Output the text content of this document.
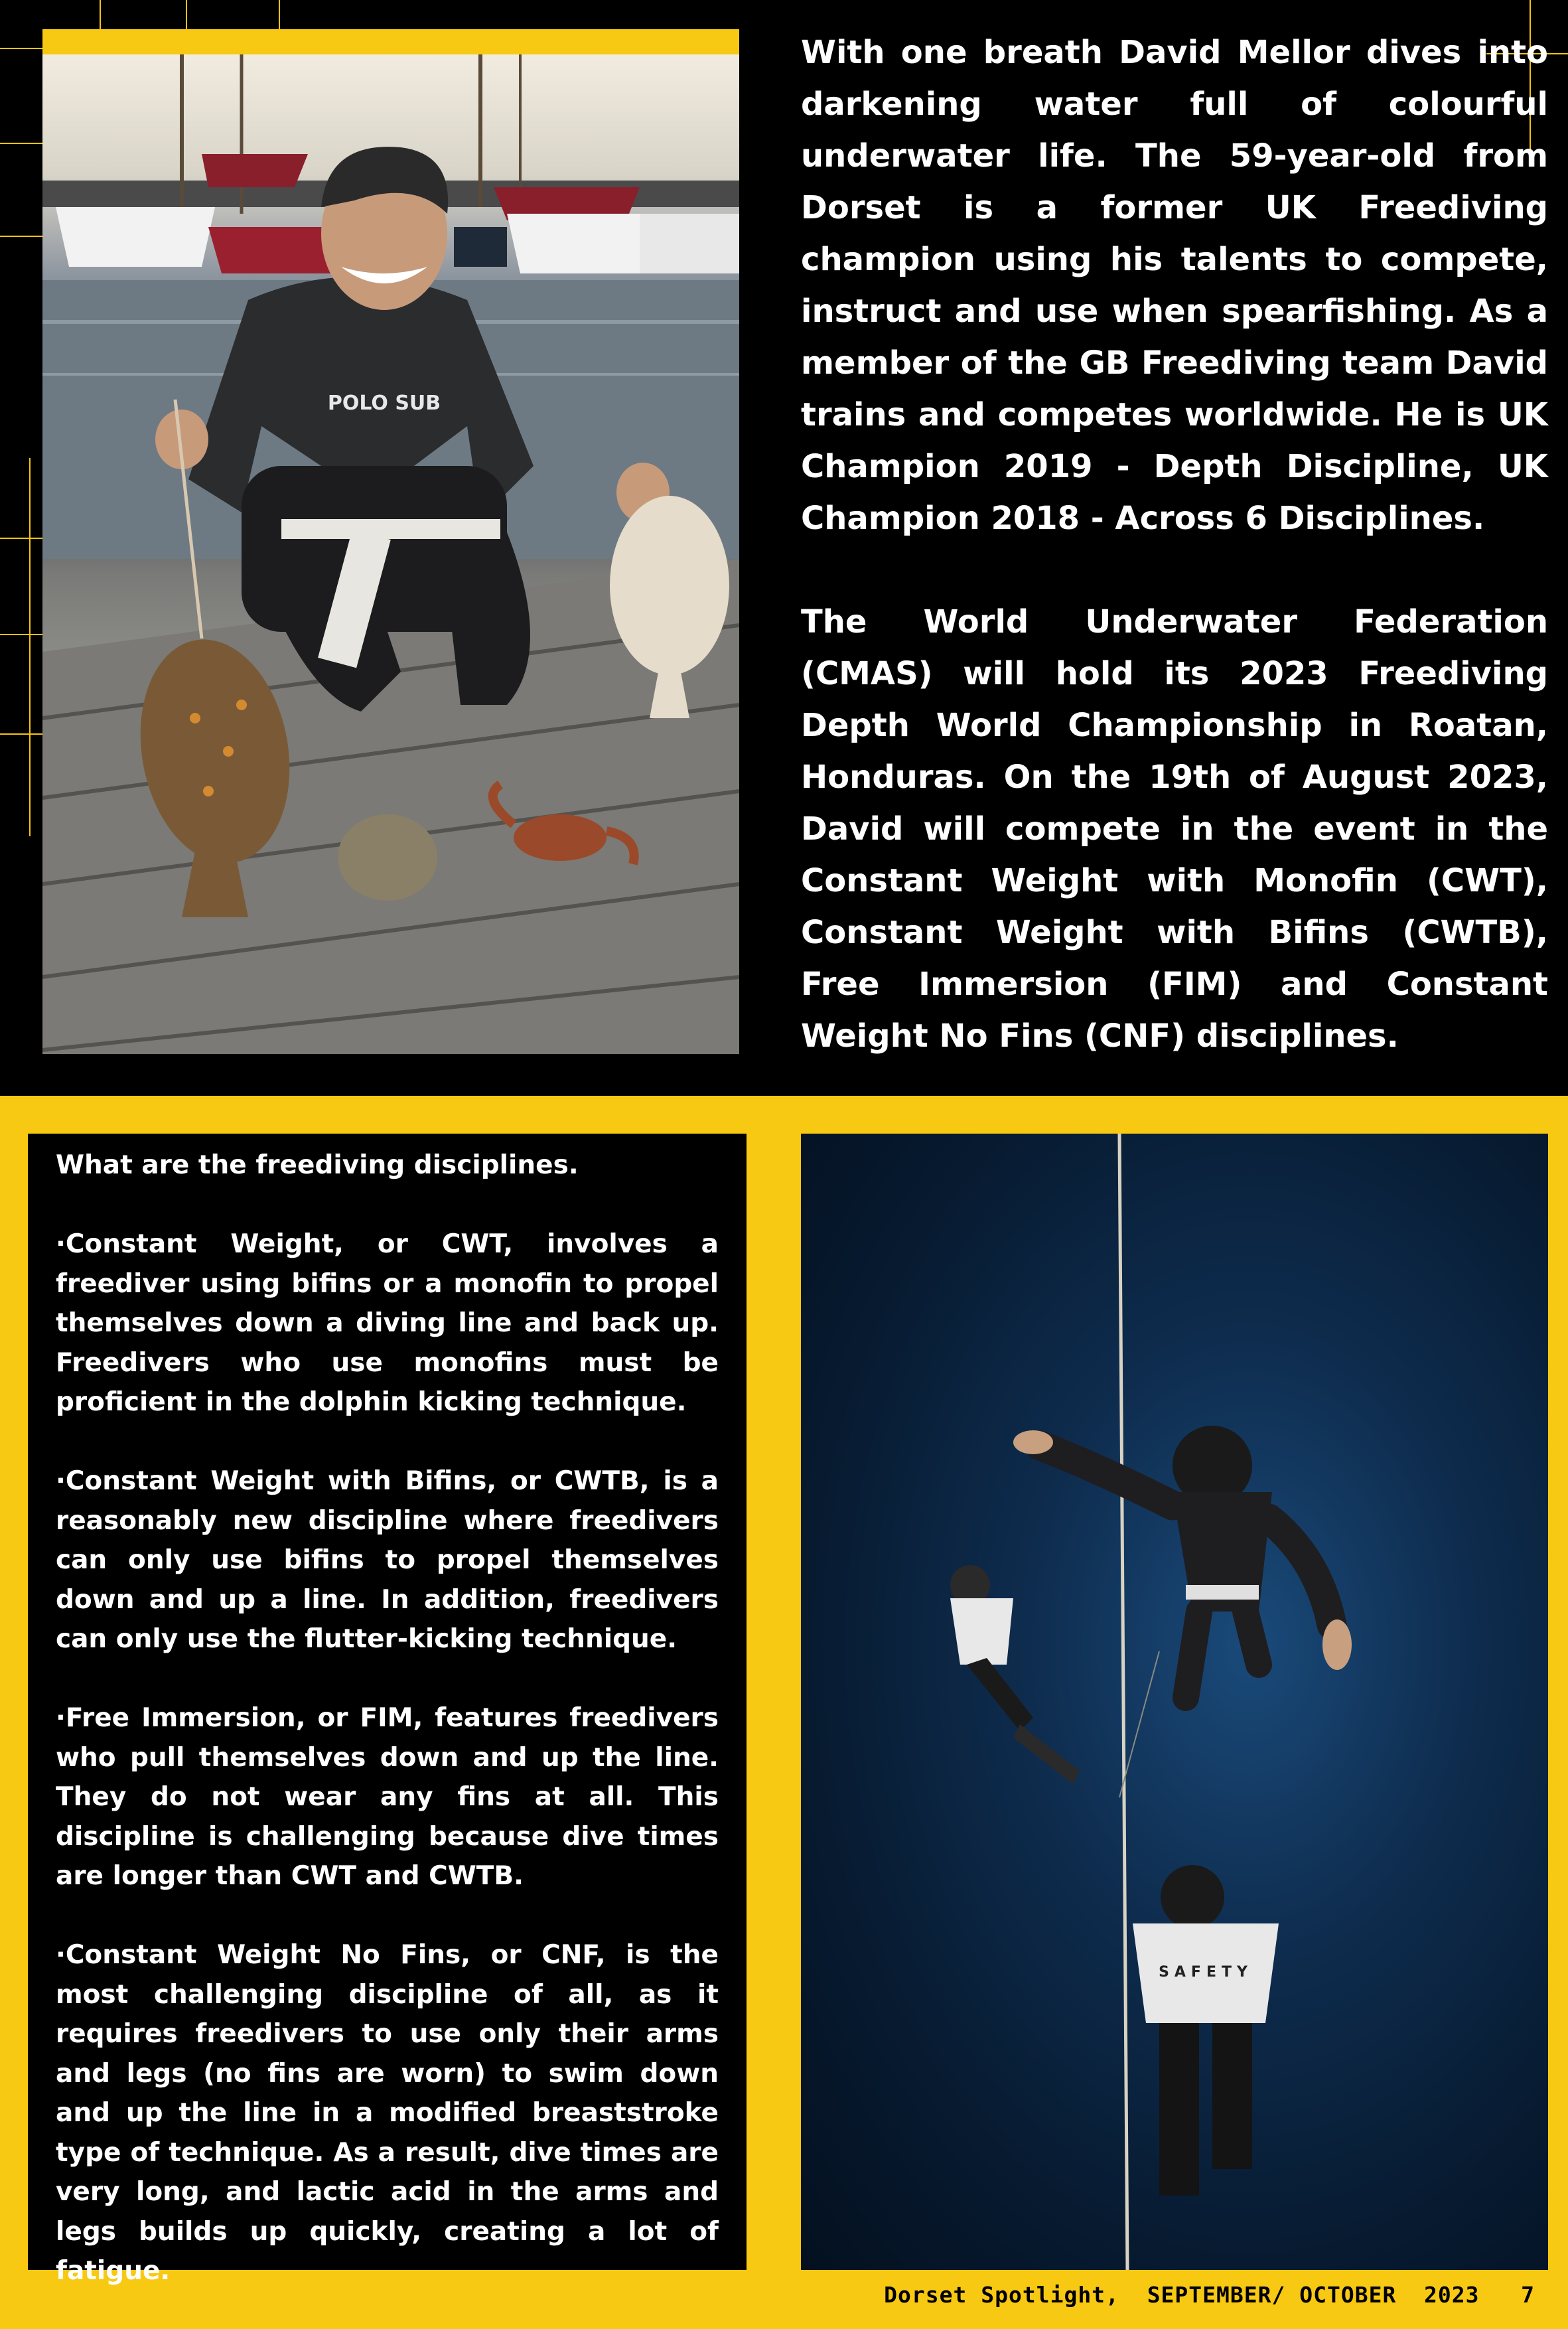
POLO SUB

With one breath David Mellor dives into darkening water full of colourful underwater life. The 59-year-old from Dorset is a former UK Freediving champion using his talents to compete, instruct and use when spearfishing. As a member of the GB Freediving team David trains and competes worldwide. He is UK Champion 2019 - Depth Discipline, UK Champion 2018 - Across 6 Disciplines.

The World Underwater Federation (CMAS) will hold its 2023 Freediving Depth World Championship in Roatan, Honduras. On the 19th of August 2023, David will compete in the event in the Constant Weight with Monofin (CWT), Constant Weight with Bifins (CWTB), Free Immersion (FIM) and Constant Weight No Fins (CNF) disciplines.

What are the freediving disciplines.

·Constant Weight, or CWT, involves a freediver using bifins or a monofin to propel themselves down a diving line and back up. Freedivers who use monofins must be proficient in the dolphin kicking technique.

·Constant Weight with Bifins, or CWTB, is a reasonably new discipline where freedivers can only use bifins to propel themselves down and up a line. In addition, freedivers can only use the flutter-kicking technique.

·Free Immersion, or FIM, features freedivers who pull themselves down and up the line. They do not wear any fins at all. This discipline is challenging because dive times are longer than CWT and CWTB.

·Constant Weight No Fins, or CNF, is the most challenging discipline of all, as it requires freedivers to use only their arms and legs (no fins are worn) to swim down and up the line in a modified breaststroke type of technique. As a result, dive times are very long, and lactic acid in the arms and legs builds up quickly, creating a lot of fatigue.

SAFETY
Dorset Spotlight, SEPTEMBER/ OCTOBER  2023 7
